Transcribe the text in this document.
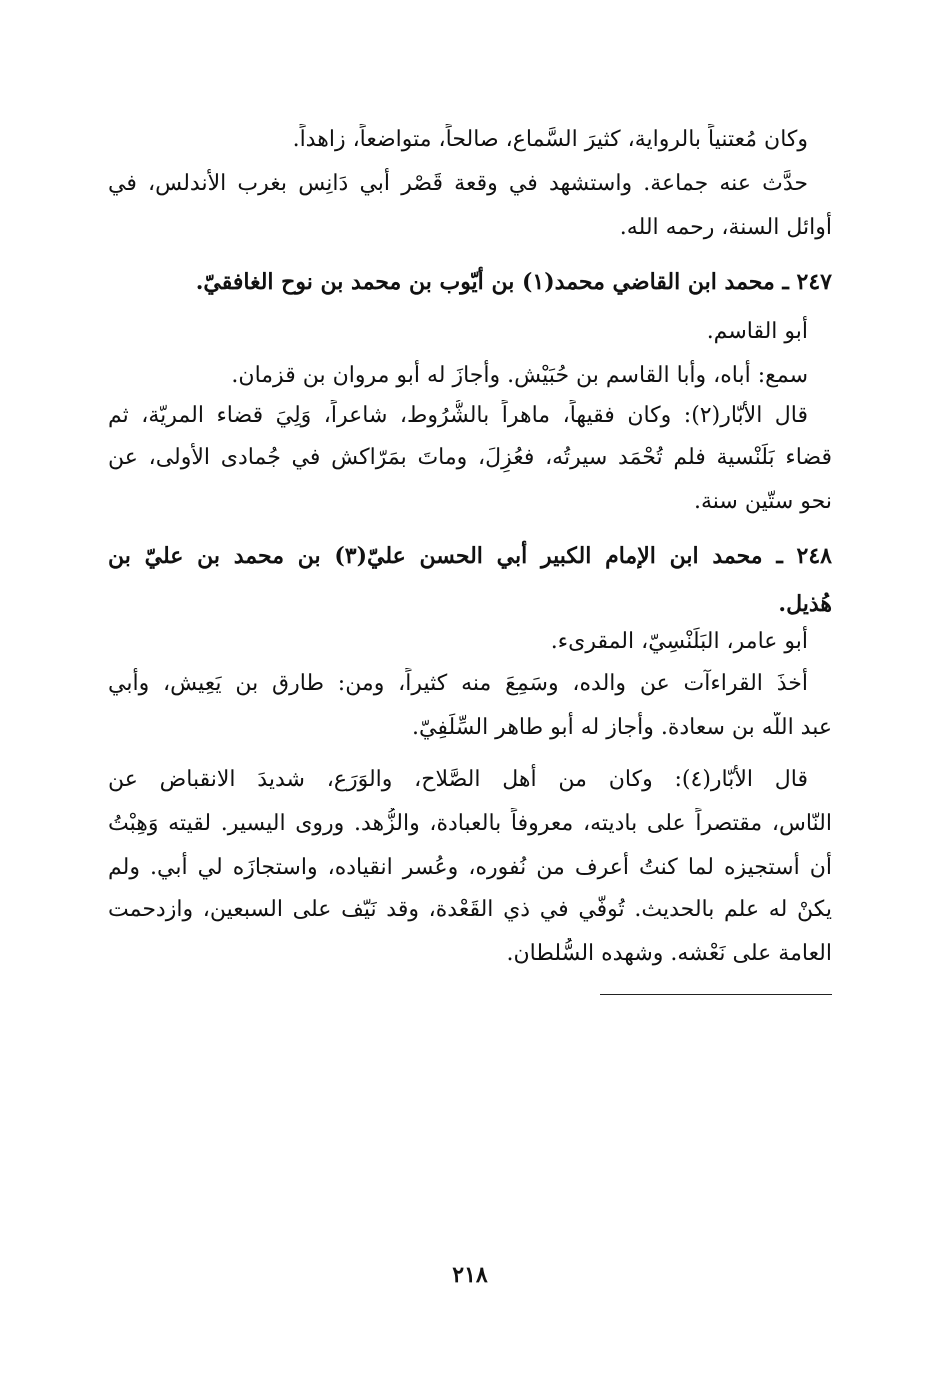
وكان مُعتنياً بالرواية، كثيرَ السَّماع، صالحاً، متواضعاً، زاهداً.
حدَّث عنه جماعة. واستشهد في وقعة قَصْر أبي دَانِس بغرب الأندلس، في
أوائل السنة، رحمه الله.
٢٤٧ ـ محمد ابن القاضي محمد(١) بن أيّوب بن محمد بن نوح الغافقيّ.
أبو القاسم.
سمع: أباه، وأبا القاسم بن حُبَيْش. وأجازَ له أبو مروان بن قزمان.
قال الأبّار(٢): وكان فقيهاً، ماهراً بالشُّرُوط، شاعراً، وَلِيَ قضاء المريّة، ثم
قضاء بَلَنْسية فلم تُحْمَد سيرتُه، فعُزِلَ، وماتَ بمَرّاكش في جُمادى الأولى، عن
نحو ستّين سنة.
٢٤٨ ـ محمد ابن الإمام الكبير أبي الحسن عليّ(٣) بن محمد بن عليّ بن
هُذيل.
أبو عامر، البَلَنْسِيّ، المقرىء.
أخذَ القراءآت عن والده، وسَمِعَ منه كثيراً، ومن: طارق بن يَعِيش، وأبي
عبد اللّه بن سعادة. وأجاز له أبو طاهر السِّلَفِيّ.
قال الأبّار(٤): وكان من أهل الصَّلاح، والوَرَع، شديدَ الانقباض عن
النّاس، مقتصراً على باديته، معروفاً بالعبادة، والزُّهد. وروى اليسير. لقيته وَهِبْتُ
أن أستجيزه لما كنتُ أعرف من نُفوره، وعُسر انقياده، واستجازَه لي أبي. ولم
يكنْ له علم بالحديث. تُوفّي في ذي القَعْدة، وقد نَيّف على السبعين، وازدحمت
العامة على نَعْشه. وشهده السُّلطان.
٢١٨
